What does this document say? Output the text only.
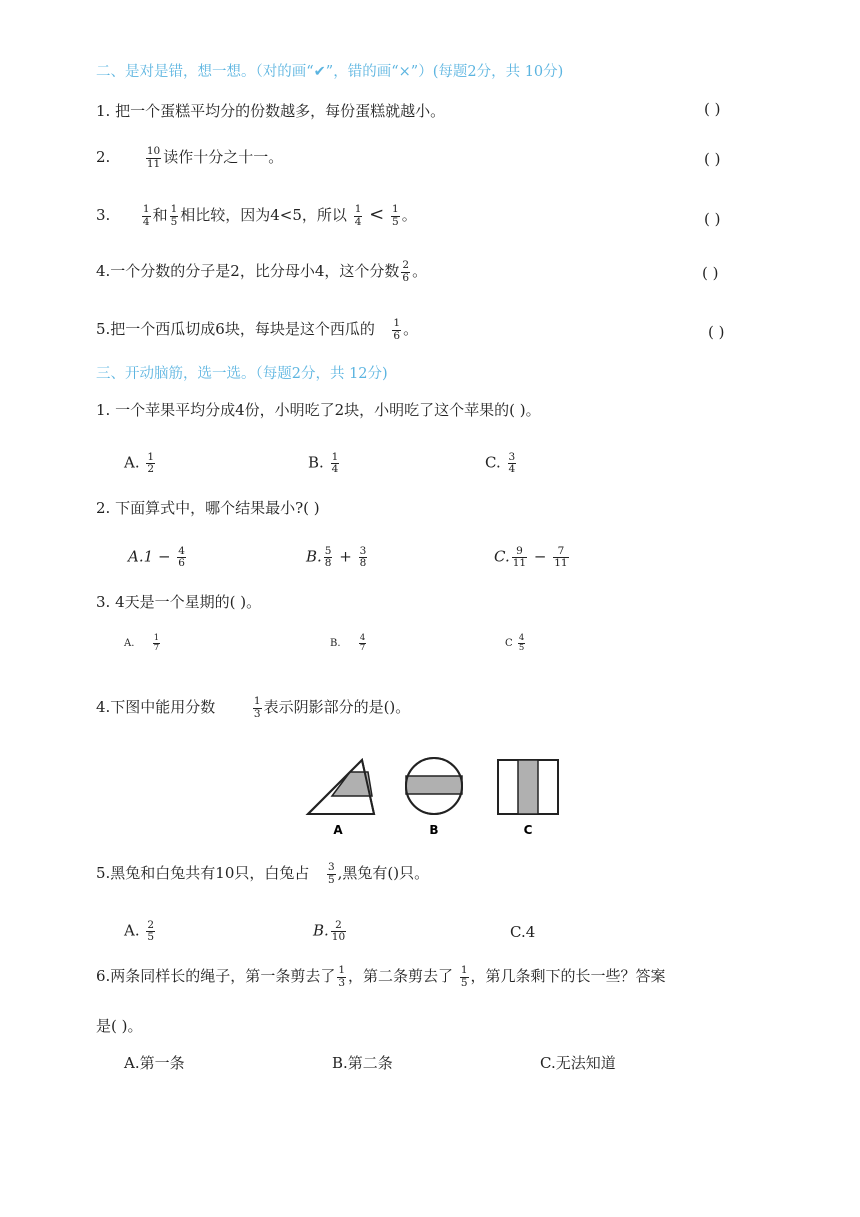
二、是对是错，想一想。（对的画“✔”，错的画“×”）(每题2分，共 10分)
1. 把一个蛋糕平均分的份数越多，每份蛋糕就越小。	( )
2.	$\frac{10}{11}$ 读作十分之十一。	( )
3.	$\frac{1}{4}$ 和 $\frac{1}{5}$ 相比较，因为4<5，所以 $\frac{1}{4} < \frac{1}{5}$ 。	( )
4.一个分数的分子是2，比分母小4，这个分数 $\frac{2}{6}$ 。	( )
5.把一个西瓜切成6块，每块是这个西瓜的 $\frac{1}{6}$ 。	( )
三、开动脑筋，选一选。（每题2分，共 12分)
1. 一个苹果平均分成4份，小明吃了2块，小明吃了这个苹果的( )。
A. $\frac{1}{2}$	B. $\frac{1}{4}$	C. $\frac{3}{4}$
2. 下面算式中，哪个结果最小?( )
$A.1 - \frac{4}{6}$	B. $\frac{5}{8} + \frac{3}{8}$	C. $\frac{9}{11} - \frac{7}{11}$
3. 4天是一个星期的( )。
A. $\frac{1}{7}$	B. $\frac{4}{7}$	C $\frac{4}{5}$
4.下图中能用分数	$\frac{1}{3}$ 表示阴影部分的是()。
A	B	C
5.黑兔和白兔共有10只，白兔占 $\frac{3}{5}$ ,黑兔有()只。
A. $\frac{2}{5}$	B. $\frac{2}{10}$	C.4
6.两条同样长的绳子，第一条剪去了 $\frac{1}{3}$ ，第二条剪去了 $\frac{1}{5}$ ，第几条剩下的长一些？答案
是( )。
A.第一条	B.第二条	C.无法知道
